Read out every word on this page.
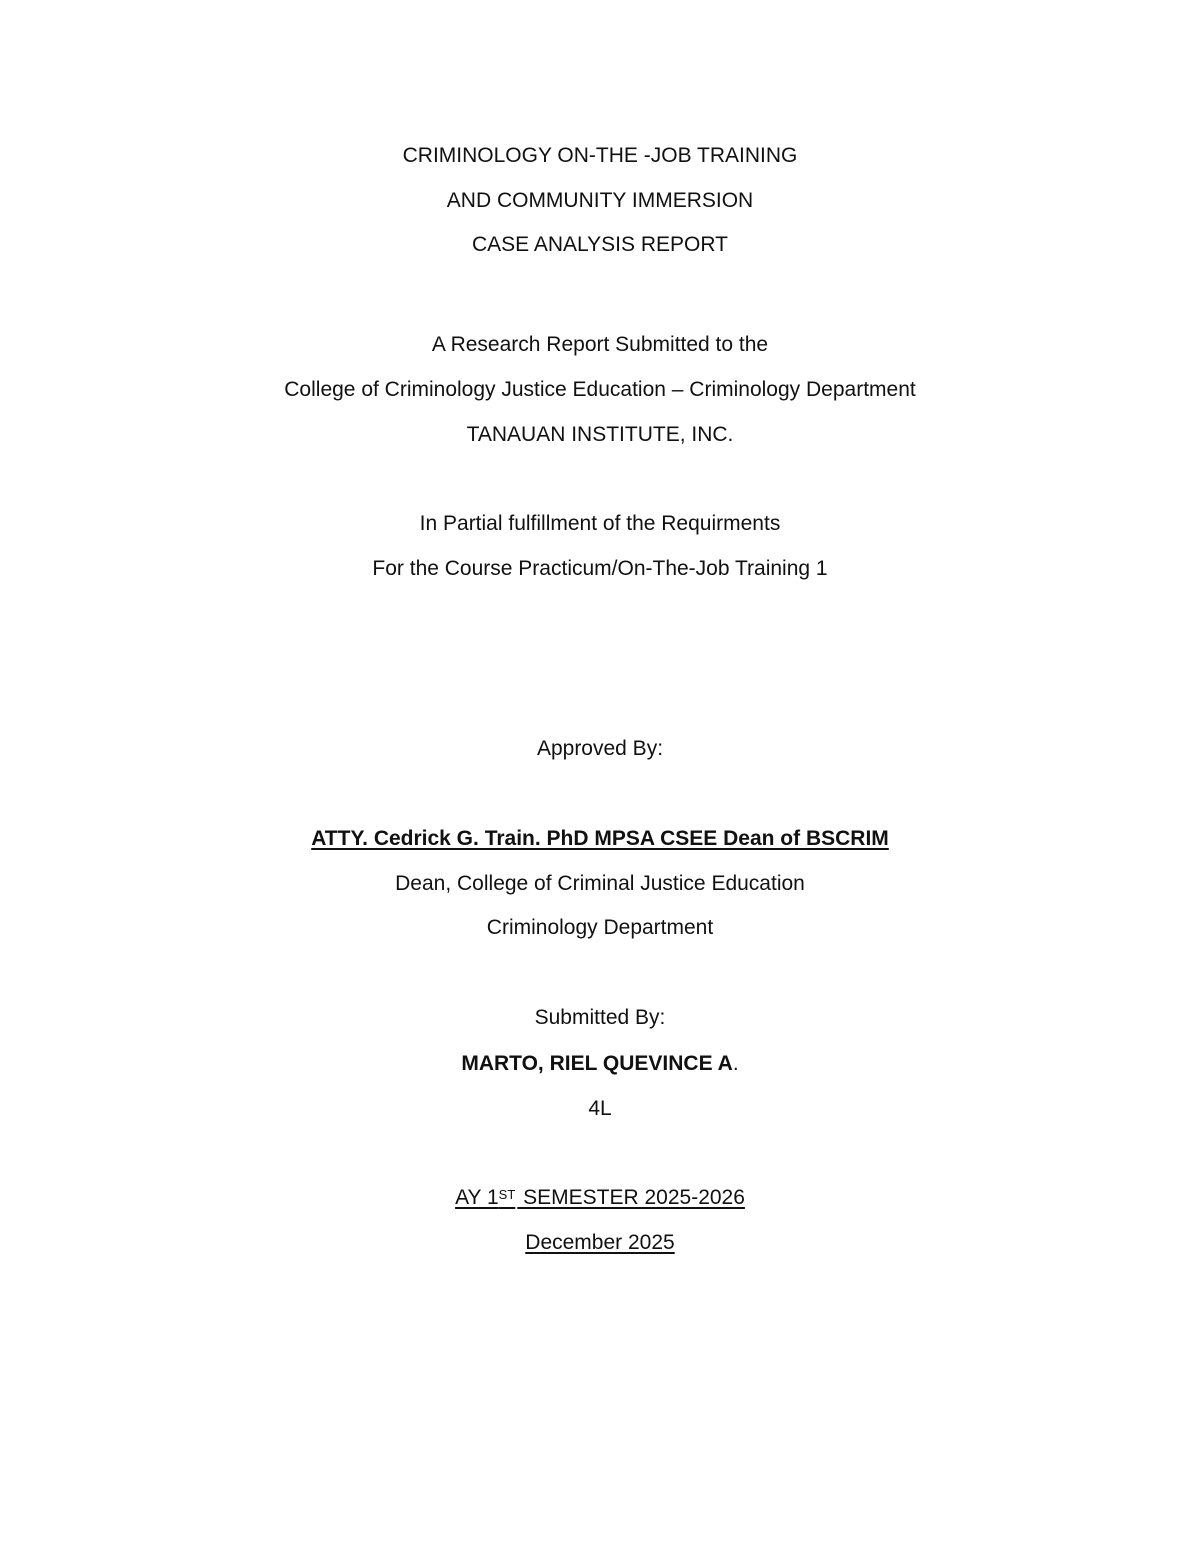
CRIMINOLOGY ON-THE -JOB TRAINING
AND COMMUNITY IMMERSION
CASE ANALYSIS REPORT
A Research Report Submitted to the
College of Criminology Justice Education – Criminology Department
TANAUAN INSTITUTE, INC.
In Partial fulfillment of the Requirments
For the Course Practicum/On-The-Job Training 1
Approved By:
ATTY. Cedrick G. Train. PhD MPSA CSEE Dean of BSCRIM
Dean, College of Criminal Justice Education
Criminology Department
Submitted By:
MARTO, RIEL QUEVINCE A.
4L
AY 1ST SEMESTER 2025-2026
December 2025
